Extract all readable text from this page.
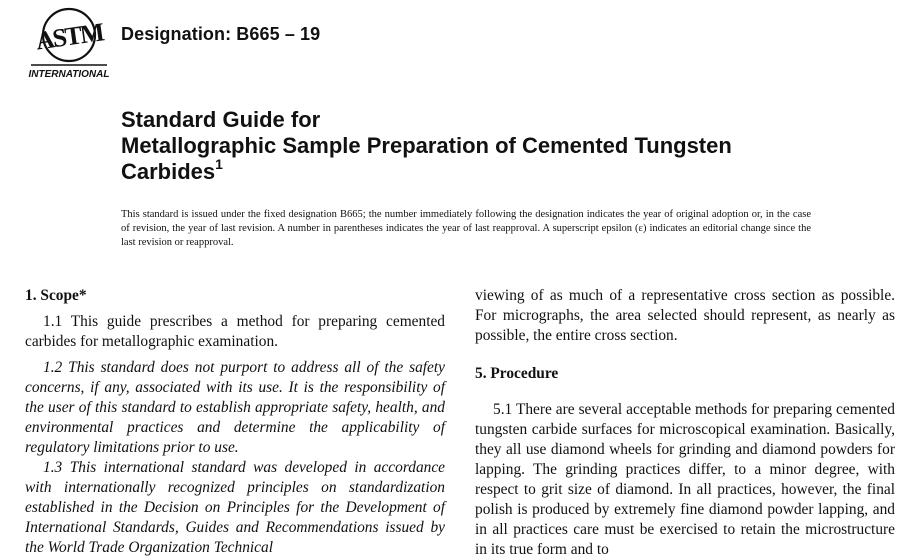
ASTM
INTERNATIONAL
Designation: B665 – 19
Standard Guide for
Metallographic Sample Preparation of Cemented Tungsten
Carbides$^1$
This standard is issued under the fixed designation B665; the number immediately following the designation indicates the year of original adoption or, in the case of revision, the year of last revision. A number in parentheses indicates the year of last reapproval. A superscript epsilon (ε) indicates an editorial change since the last revision or reapproval.

1. Scope*

1.1 This guide prescribes a method for preparing cemented carbides for metallographic examination.

1.2 This standard does not purport to address all of the safety concerns, if any, associated with its use. It is the responsibility of the user of this standard to establish appropriate safety, health, and environmental practices and determine the applicability of regulatory limitations prior to use.

1.3 This international standard was developed in accordance with internationally recognized principles on standardization established in the Decision on Principles for the Development of International Standards, Guides and Recommendations issued by the World Trade Organization Technical

viewing of as much of a representative cross section as possible. For micrographs, the area selected should represent, as nearly as possible, the entire cross section.

5. Procedure

5.1 There are several acceptable methods for preparing cemented tungsten carbide surfaces for microscopical examination. Basically, they all use diamond wheels for grinding and diamond powders for lapping. The grinding practices differ, to a minor degree, with respect to grit size of diamond. In all practices, however, the final polish is produced by extremely fine diamond powder lapping, and in all practices care must be exercised to retain the microstructure in its true form and to
